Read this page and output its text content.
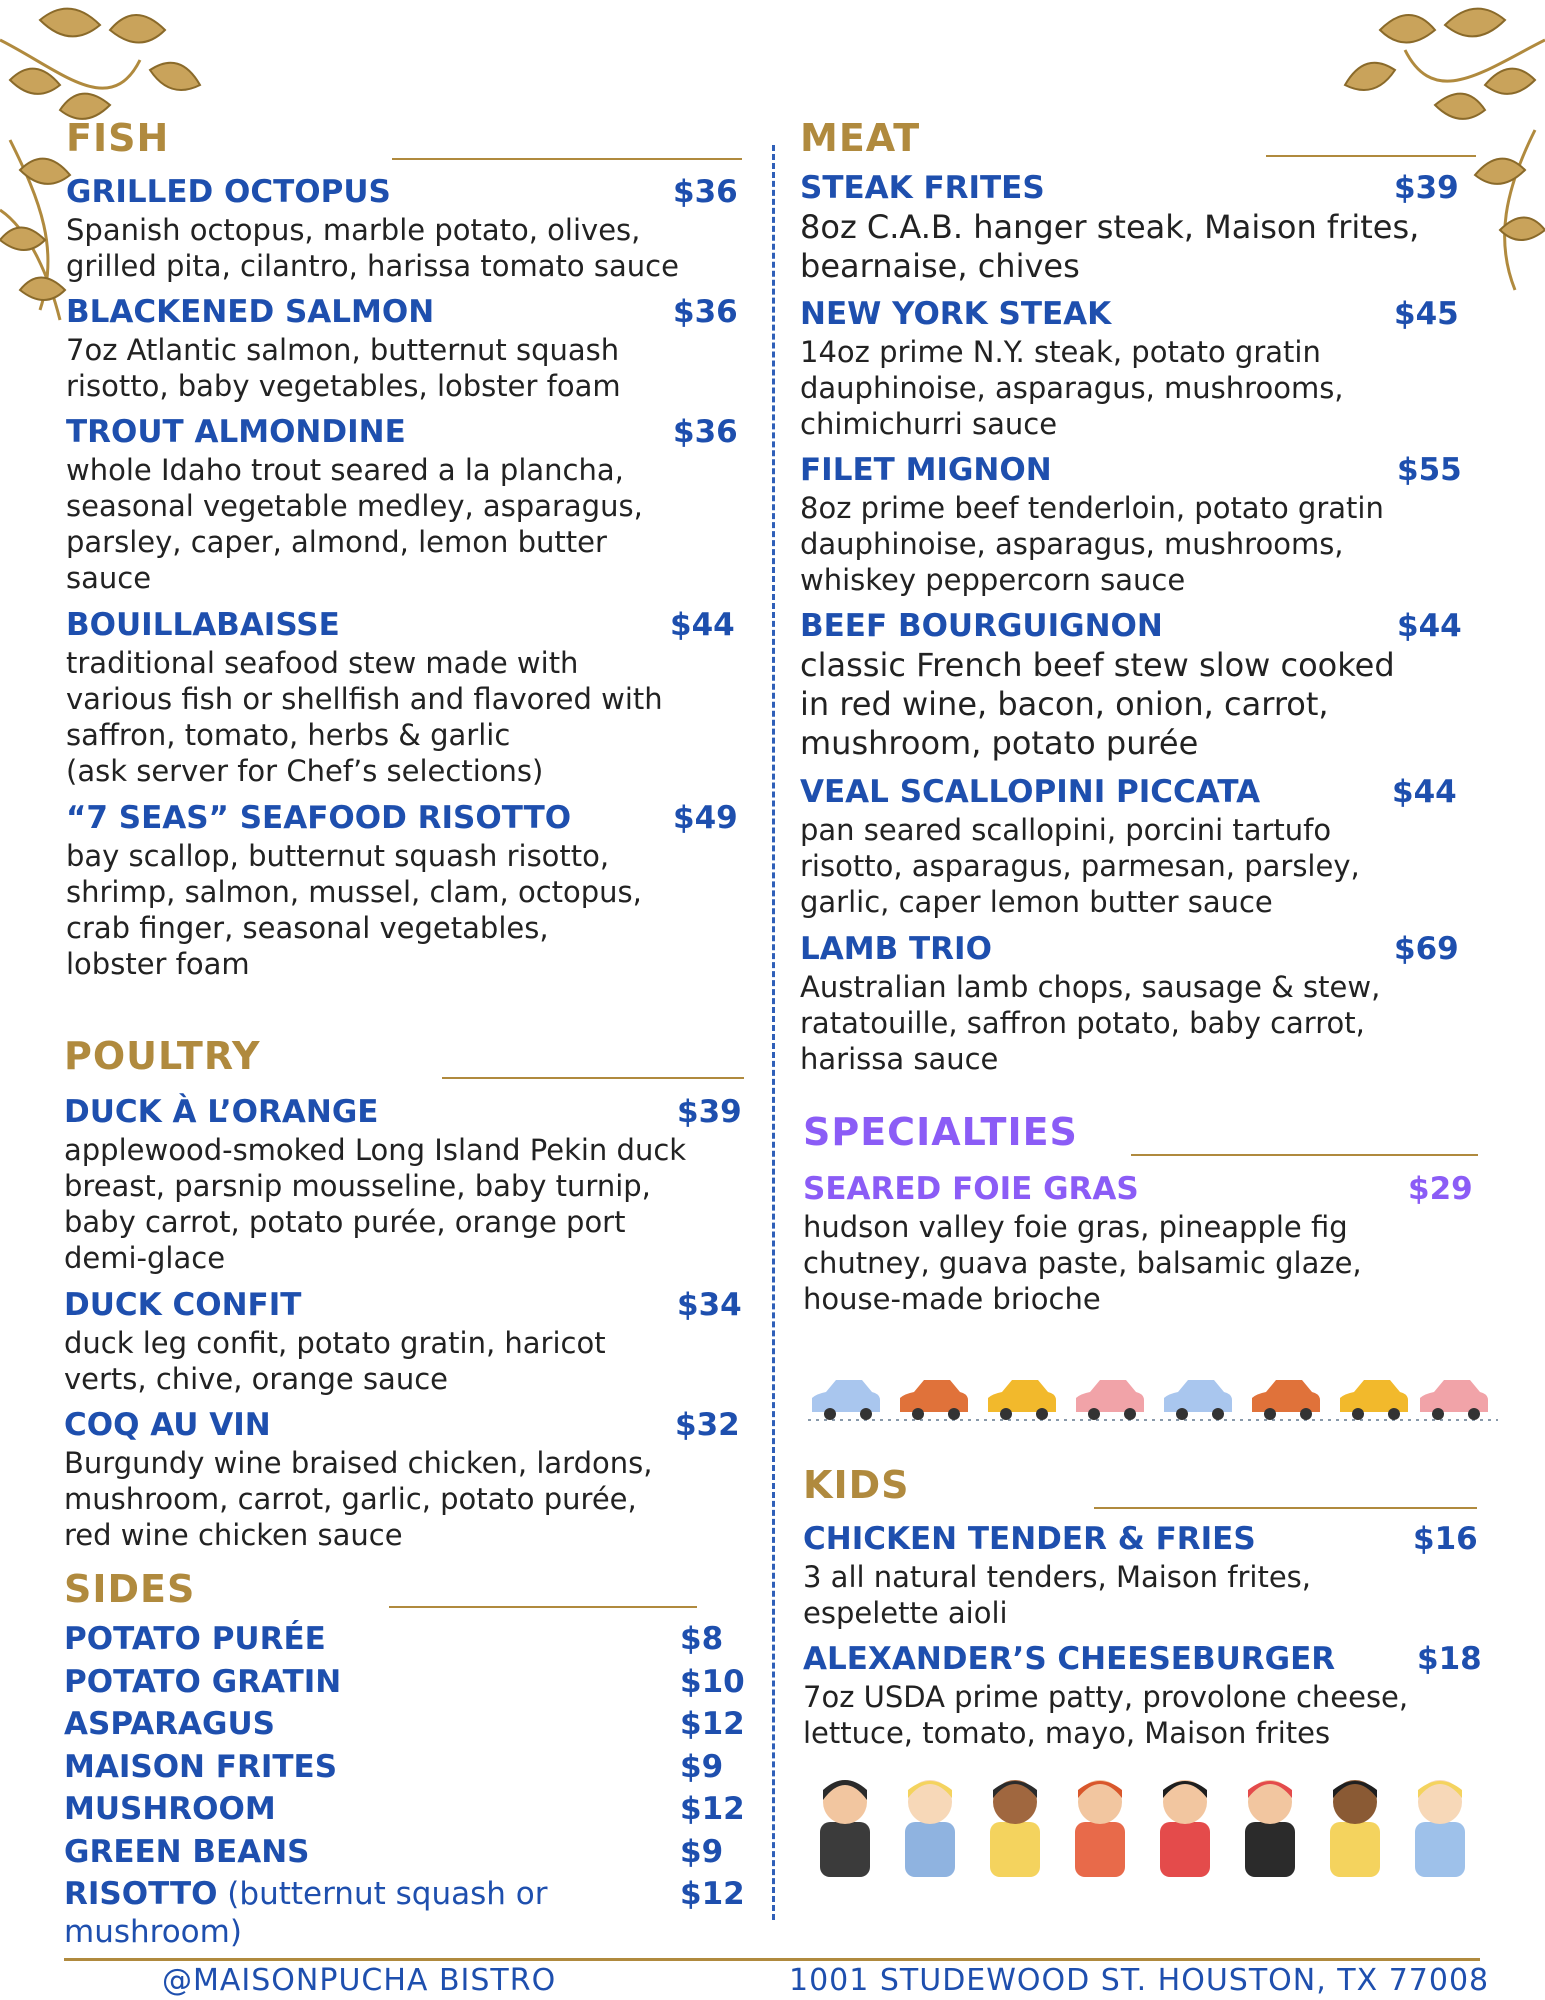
FISH
GRILLED OCTOPUS	$36
Spanish octopus, marble potato, olives,
grilled pita, cilantro, harissa tomato sauce
BLACKENED SALMON	$36
7oz Atlantic salmon, butternut squash
risotto, baby vegetables, lobster foam
TROUT ALMONDINE	$36
whole Idaho trout seared a la plancha,
seasonal vegetable medley, asparagus,
parsley, caper, almond, lemon butter
sauce
BOUILLABAISSE	$44
traditional seafood stew made with
various fish or shellfish and flavored with
saffron, tomato, herbs & garlic
(ask server for Chef’s selections)
“7 SEAS” SEAFOOD RISOTTO	$49
bay scallop, butternut squash risotto,
shrimp, salmon, mussel, clam, octopus,
crab finger, seasonal vegetables,
lobster foam
POULTRY
DUCK À L’ORANGE	$39
applewood-smoked Long Island Pekin duck
breast, parsnip mousseline, baby turnip,
baby carrot, potato purée, orange port
demi-glace
DUCK CONFIT	$34
duck leg confit, potato gratin, haricot
verts, chive, orange sauce
COQ AU VIN	$32
Burgundy wine braised chicken, lardons,
mushroom, carrot, garlic, potato purée,
red wine chicken sauce
SIDES
POTATO PURÉE	$8
POTATO GRATIN	$10
ASPARAGUS	$12
MAISON FRITES	$9
MUSHROOM	$12
GREEN BEANS	$9
RISOTTO (butternut squash or	$12
mushroom)
MEAT
STEAK FRITES	$39
8oz C.A.B. hanger steak, Maison frites,
bearnaise, chives
NEW YORK STEAK	$45
14oz prime N.Y. steak, potato gratin
dauphinoise, asparagus, mushrooms,
chimichurri sauce
FILET MIGNON	$55
8oz prime beef tenderloin, potato gratin
dauphinoise, asparagus, mushrooms,
whiskey peppercorn sauce
BEEF BOURGUIGNON	$44
classic French beef stew slow cooked
in red wine, bacon, onion, carrot,
mushroom, potato purée
VEAL SCALLOPINI PICCATA	$44
pan seared scallopini, porcini tartufo
risotto, asparagus, parmesan, parsley,
garlic, caper lemon butter sauce
LAMB TRIO	$69
Australian lamb chops, sausage & stew,
ratatouille, saffron potato, baby carrot,
harissa sauce
SPECIALTIES
SEARED FOIE GRAS	$29
hudson valley foie gras, pineapple fig
chutney, guava paste, balsamic glaze,
house-made brioche
KIDS
CHICKEN TENDER & FRIES	$16
3 all natural tenders, Maison frites,
espelette aioli
ALEXANDER’S CHEESEBURGER	$18
7oz USDA prime patty, provolone cheese,
lettuce, tomato, mayo, Maison frites
@MAISONPUCHA BISTRO	1001 STUDEWOOD ST. HOUSTON, TX 77008
